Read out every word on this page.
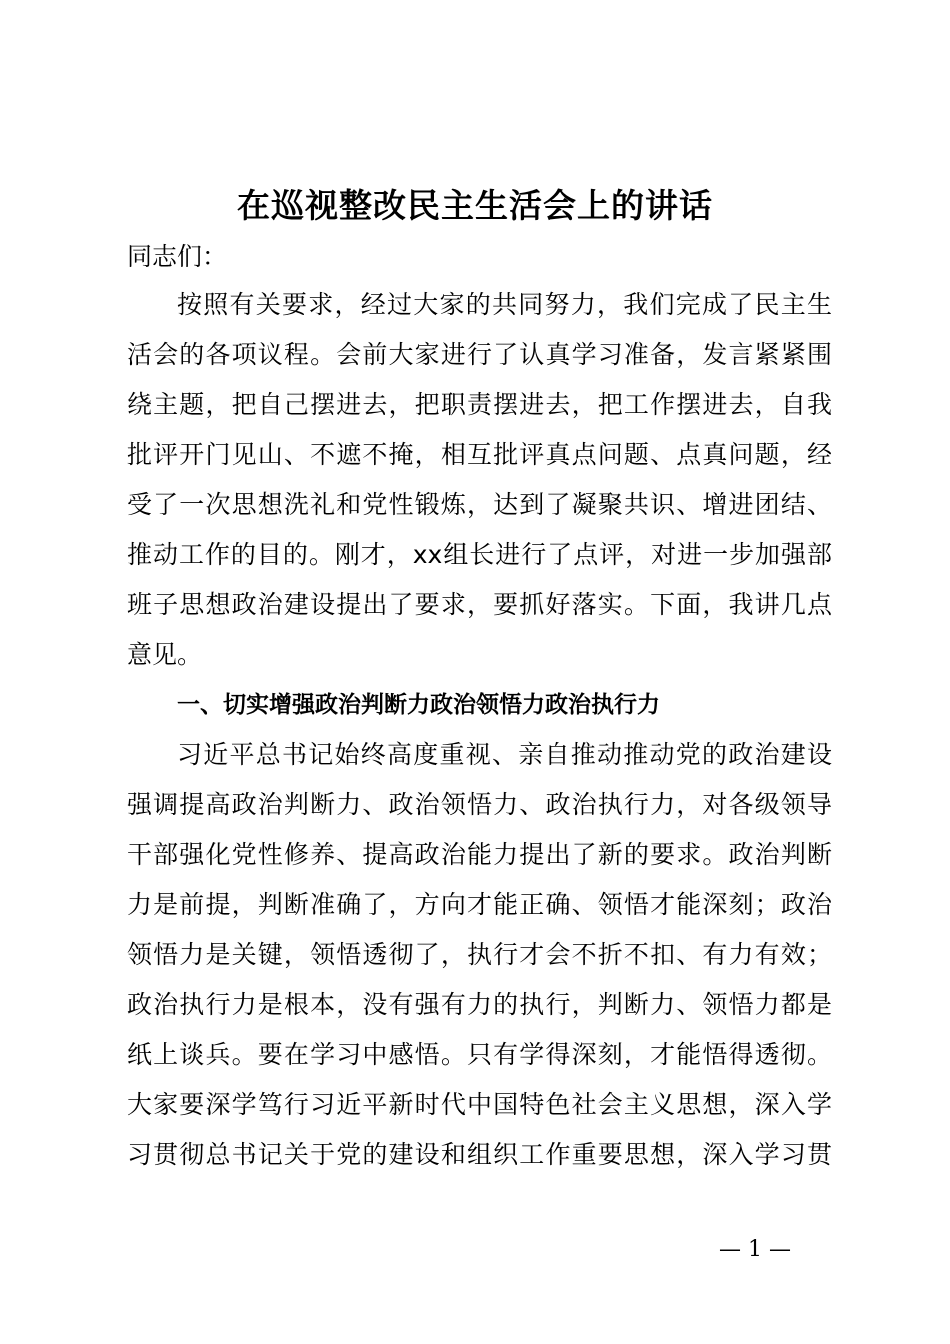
在巡视整改民主生活会上的讲话

同志们：

按照有关要求，经过大家的共同努力，我们完成了民主生
活会的各项议程。会前大家进行了认真学习准备，发言紧紧围
绕主题，把自己摆进去，把职责摆进去，把工作摆进去，自我
批评开门见山、不遮不掩，相互批评真点问题、点真问题，经
受了一次思想洗礼和党性锻炼，达到了凝聚共识、增进团结、
推动工作的目的。刚才，xx组长进行了点评，对进一步加强部
班子思想政治建设提出了要求，要抓好落实。下面，我讲几点
意见。
一、切实增强政治判断力政治领悟力政治执行力
习近平总书记始终高度重视、亲自推动推动党的政治建设
强调提高政治判断力、政治领悟力、政治执行力，对各级领导
干部强化党性修养、提高政治能力提出了新的要求。政治判断
力是前提，判断准确了，方向才能正确、领悟才能深刻；政治
领悟力是关键，领悟透彻了，执行才会不折不扣、有力有效；
政治执行力是根本，没有强有力的执行，判断力、领悟力都是
纸上谈兵。要在学习中感悟。只有学得深刻，才能悟得透彻。
大家要深学笃行习近平新时代中国特色社会主义思想，深入学
习贯彻总书记关于党的建设和组织工作重要思想，深入学习贯

— 1 —
